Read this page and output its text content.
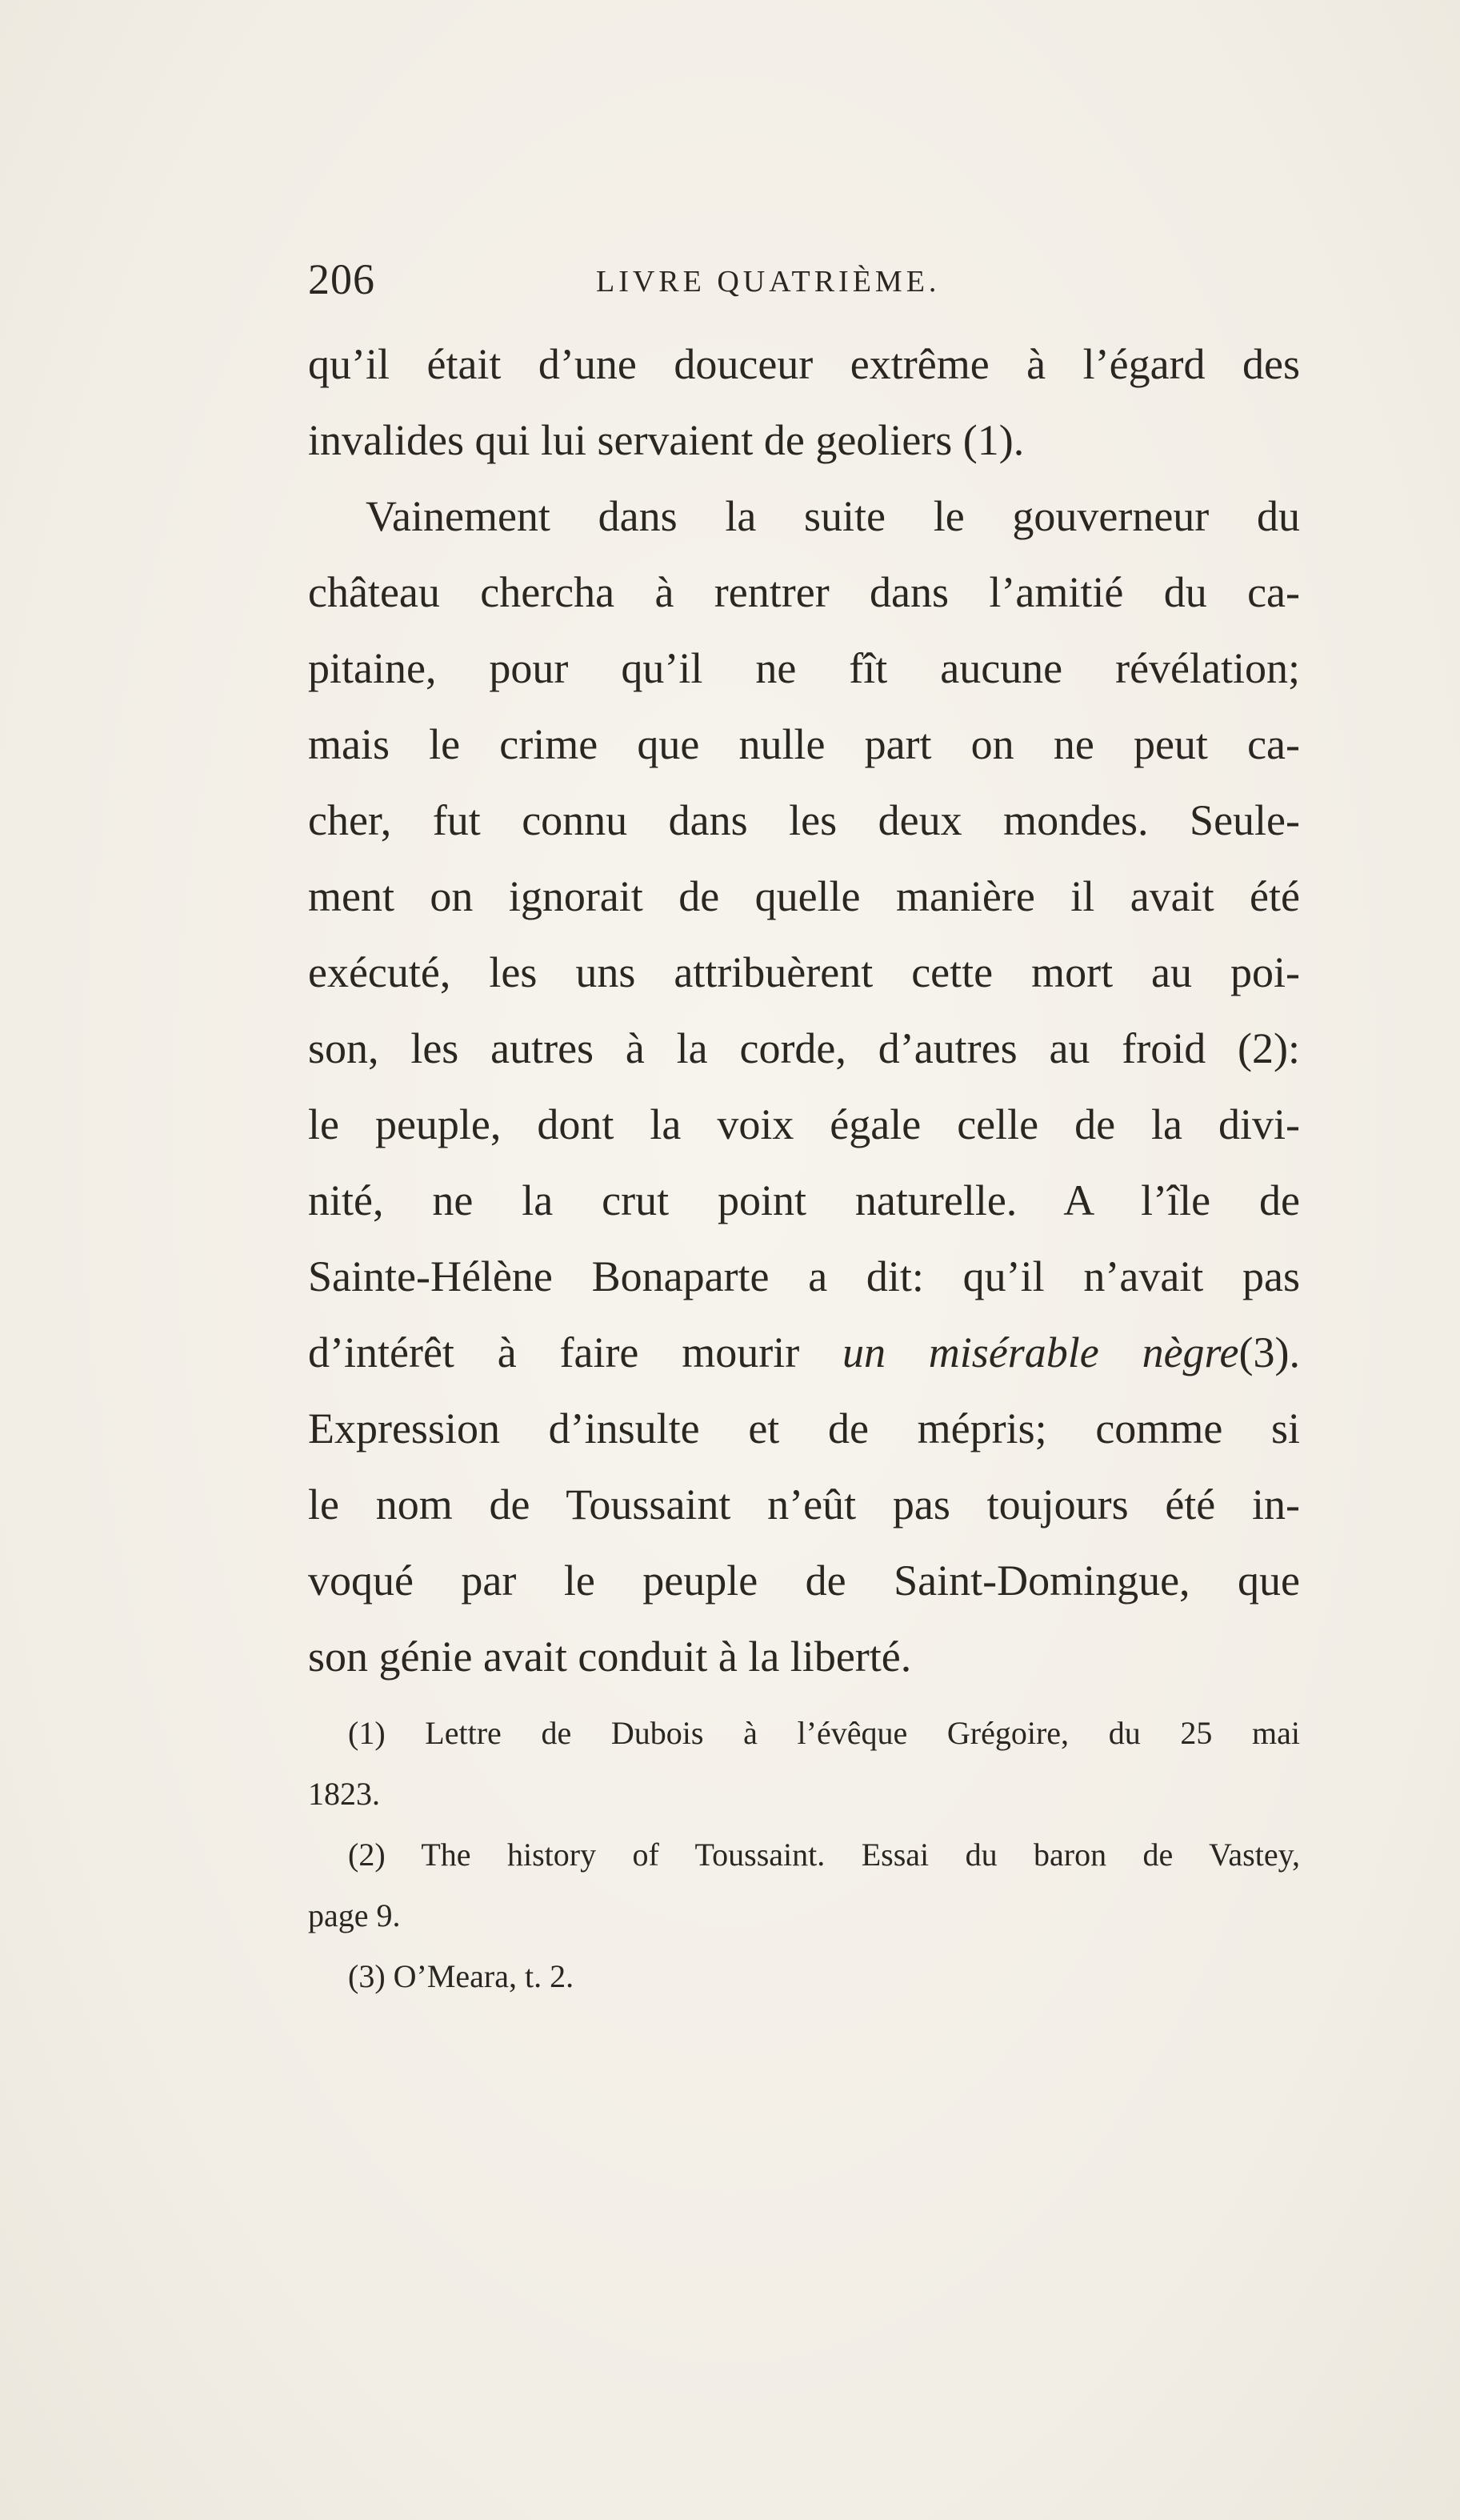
206	LIVRE QUATRIÈME.
qu’il était d’une douceur extrême à l’égard des
invalides qui lui servaient de geoliers (1).
Vainement dans la suite le gouverneur du
château chercha à rentrer dans l’amitié du ca-
pitaine, pour qu’il ne fît aucune révélation;
mais le crime que nulle part on ne peut ca-
cher, fut connu dans les deux mondes. Seule-
ment on ignorait de quelle manière il avait été
exécuté, les uns attribuèrent cette mort au poi-
son, les autres à la corde, d’autres au froid (2):
le peuple, dont la voix égale celle de la divi-
nité, ne la crut point naturelle. A l’île de
Sainte-Hélène Bonaparte a dit: qu’il n’avait pas
d’intérêt à faire mourir un misérable nègre(3).
Expression d’insulte et de mépris; comme si
le nom de Toussaint n’eût pas toujours été in-
voqué par le peuple de Saint-Domingue, que
son génie avait conduit à la liberté.
(1) Lettre de Dubois à l’évêque Grégoire, du 25 mai
1823.
(2) The history of Toussaint. Essai du baron de Vastey,
page 9.
(3) O’Meara, t. 2.
